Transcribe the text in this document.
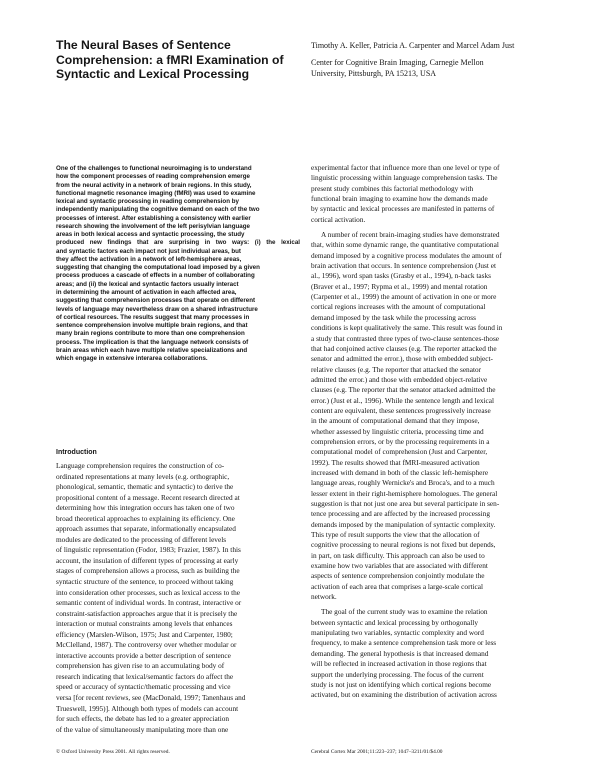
The Neural Bases of Sentence
Comprehension: a fMRI Examination of
Syntactic and Lexical Processing
Timothy A. Keller, Patricia A. Carpenter and Marcel Adam Just
Center for Cognitive Brain Imaging, Carnegie Mellon
University, Pittsburgh, PA 15213, USA
One of the challenges to functional neuroimaging is to understand
how the component processes of reading comprehension emerge
from the neural activity in a network of brain regions. In this study,
functional magnetic resonance imaging (fMRI) was used to examine
lexical and syntactic processing in reading comprehension by
independently manipulating the cognitive demand on each of the two
processes of interest. After establishing a consistency with earlier
research showing the involvement of the left perisylvian language
areas in both lexical access and syntactic processing, the study
produced new findings that are surprising in two ways: (i) the lexical
and syntactic factors each impact not just individual areas, but
they affect the activation in a network of left-hemisphere areas,
suggesting that changing the computational load imposed by a given
process produces a cascade of effects in a number of collaborating
areas; and (ii) the lexical and syntactic factors usually interact
in determining the amount of activation in each affected area,
suggesting that comprehension processes that operate on different
levels of language may nevertheless draw on a shared infrastructure
of cortical resources. The results suggest that many processes in
sentence comprehension involve multiple brain regions, and that
many brain regions contribute to more than one comprehension
process. The implication is that the language network consists of
brain areas which each have multiple relative specializations and
which engage in extensive interarea collaborations.
Introduction
Language comprehension requires the construction of co-
ordinated representations at many levels (e.g. orthographic,
phonological, semantic, thematic and syntactic) to derive the
propositional content of a message. Recent research directed at
determining how this integration occurs has taken one of two
broad theoretical approaches to explaining its efficiency. One
approach assumes that separate, informationally encapsulated
modules are dedicated to the processing of different levels
of linguistic representation (Fodor, 1983; Frazier, 1987). In this
account, the insulation of different types of processing at early
stages of comprehension allows a process, such as building the
syntactic structure of the sentence, to proceed without taking
into consideration other processes, such as lexical access to the
semantic content of individual words. In contrast, interactive or
constraint-satisfaction approaches argue that it is precisely the
interaction or mutual constraints among levels that enhances
efficiency (Marslen-Wilson, 1975; Just and Carpenter, 1980;
McClelland, 1987). The controversy over whether modular or
interactive accounts provide a better description of sentence
comprehension has given rise to an accumulating body of
research indicating that lexical/semantic factors do affect the
speed or accuracy of syntactic/thematic processing and vice
versa [for recent reviews, see (MacDonald, 1997; Tanenhaus and
Trueswell, 1995)]. Although both types of models can account
for such effects, the debate has led to a greater appreciation
of the value of simultaneously manipulating more than one
experimental factor that influence more than one level or type of
linguistic processing within language comprehension tasks. The
present study combines this factorial methodology with
functional brain imaging to examine how the demands made
by syntactic and lexical processes are manifested in patterns of
cortical activation.
A number of recent brain-imaging studies have demonstrated
that, within some dynamic range, the quantitative computational
demand imposed by a cognitive process modulates the amount of
brain activation that occurs. In sentence comprehension (Just et
al., 1996), word span tasks (Grasby et al., 1994), n-back tasks
(Braver et al., 1997; Rypma et al., 1999) and mental rotation
(Carpenter et al., 1999) the amount of activation in one or more
cortical regions increases with the amount of computational
demand imposed by the task while the processing across
conditions is kept qualitatively the same. This result was found in
a study that contrasted three types of two-clause sentences-those
that had conjoined active clauses (e.g. The reporter attacked the
senator and admitted the error.), those with embedded subject-
relative clauses (e.g. The reporter that attacked the senator
admitted the error.) and those with embedded object-relative
clauses (e.g. The reporter that the senator attacked admitted the
error.) (Just et al., 1996). While the sentence length and lexical
content are equivalent, these sentences progressively increase
in the amount of computational demand that they impose,
whether assessed by linguistic criteria, processing time and
comprehension errors, or by the processing requirements in a
computational model of comprehension (Just and Carpenter,
1992). The results showed that fMRI-measured activation
increased with demand in both of the classic left-hemisphere
language areas, roughly Wernicke's and Broca's, and to a much
lesser extent in their right-hemisphere homologues. The general
suggestion is that not just one area but several participate in sen-
tence processing and are affected by the increased processing
demands imposed by the manipulation of syntactic complexity.
This type of result supports the view that the allocation of
cognitive processing to neural regions is not fixed but depends,
in part, on task difficulty. This approach can also be used to
examine how two variables that are associated with different
aspects of sentence comprehension conjointly modulate the
activation of each area that comprises a large-scale cortical
network.
The goal of the current study was to examine the relation
between syntactic and lexical processing by orthogonally
manipulating two variables, syntactic complexity and word
frequency, to make a sentence comprehension task more or less
demanding. The general hypothesis is that increased demand
will be reflected in increased activation in those regions that
support the underlying processing. The focus of the current
study is not just on identifying which cortical regions become
activated, but on examining the distribution of activation across
© Oxford University Press 2001. All rights reserved.	Cerebral Cortex Mar 2001;11:223–237; 1047–3211/01/$4.00
